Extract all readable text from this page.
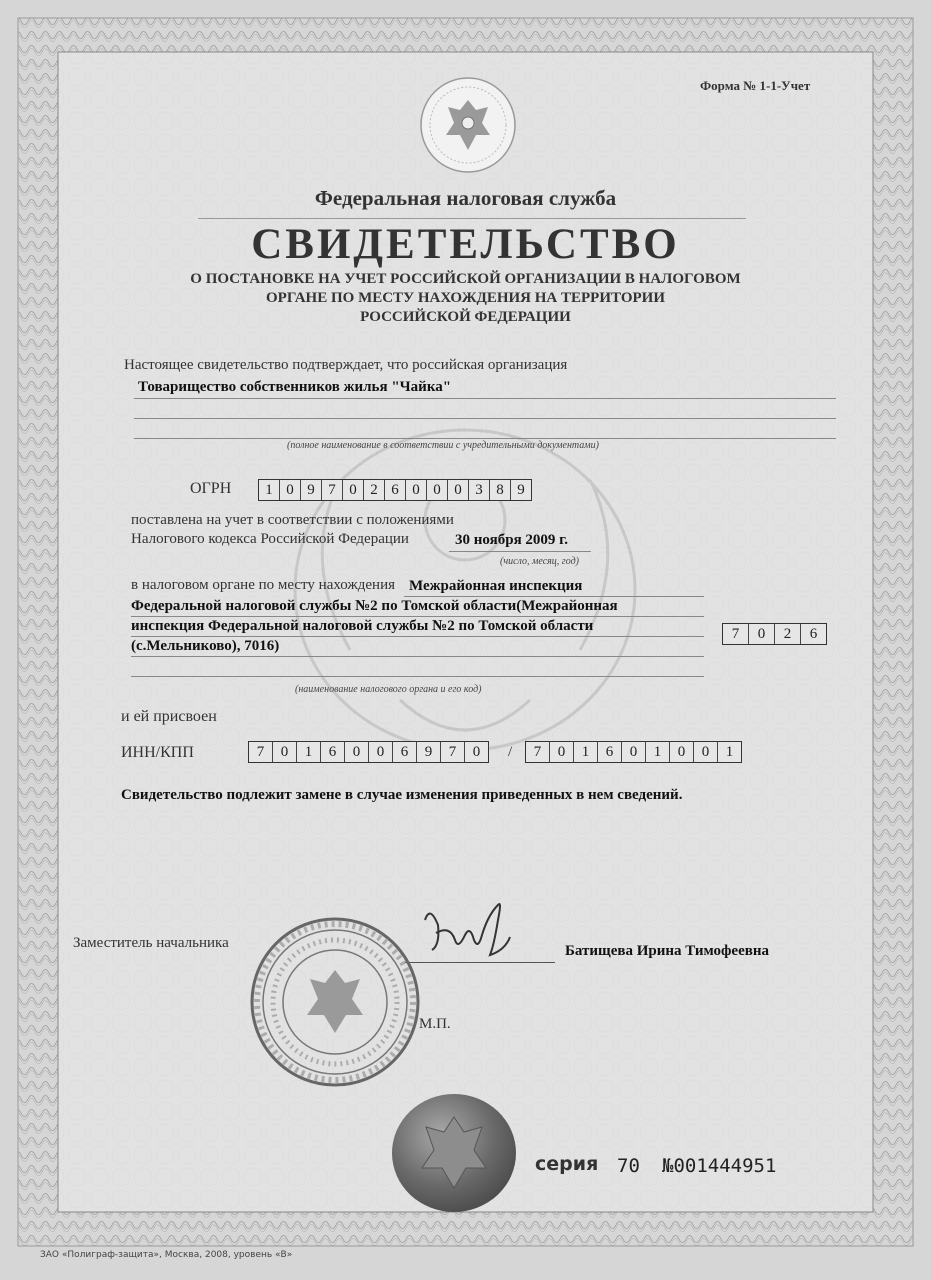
Форма № 1-1-Учет
Федеральная налоговая служба
СВИДЕТЕЛЬСТВО
О ПОСТАНОВКЕ НА УЧЕТ РОССИЙСКОЙ ОРГАНИЗАЦИИ В НАЛОГОВОМ
ОРГАНЕ ПО МЕСТУ НАХОЖДЕНИЯ НА ТЕРРИТОРИИ
РОССИЙСКОЙ ФЕДЕРАЦИИ
Настоящее свидетельство подтверждает, что российская организация
Товарищество собственников жилья "Чайка"
(полное наименование в соответствии с учредительными документами)
ОГРН	1 0 9 7 0 2 6 0 0 0 3 8 9
поставлена на учет в соответствии с положениями
Налогового кодекса Российской Федерации	30 ноября 2009 г.
(число, месяц, год)
в налоговом органе по месту нахождения Межрайонная инспекция
Федеральной налоговой службы №2 по Томской области(Межрайонная
инспекция Федеральной налоговой службы №2 по Томской области
(с.Мельниково), 7016)
7	0	2	6
(наименование налогового органа и его код)
и ей присвоен
ИНН/КПП	7	0	1	6	0	0	6	9	7	0	/	7	0	1	6	0	1	0	0	1
Свидетельство подлежит замене в случае изменения приведенных в нем сведений.
Заместитель начальника	Батищева Ирина Тимофеевна
М.П.
серия 70 №001444951
ЗАО «Полиграф-защита», Москва, 2008, уровень «В»
